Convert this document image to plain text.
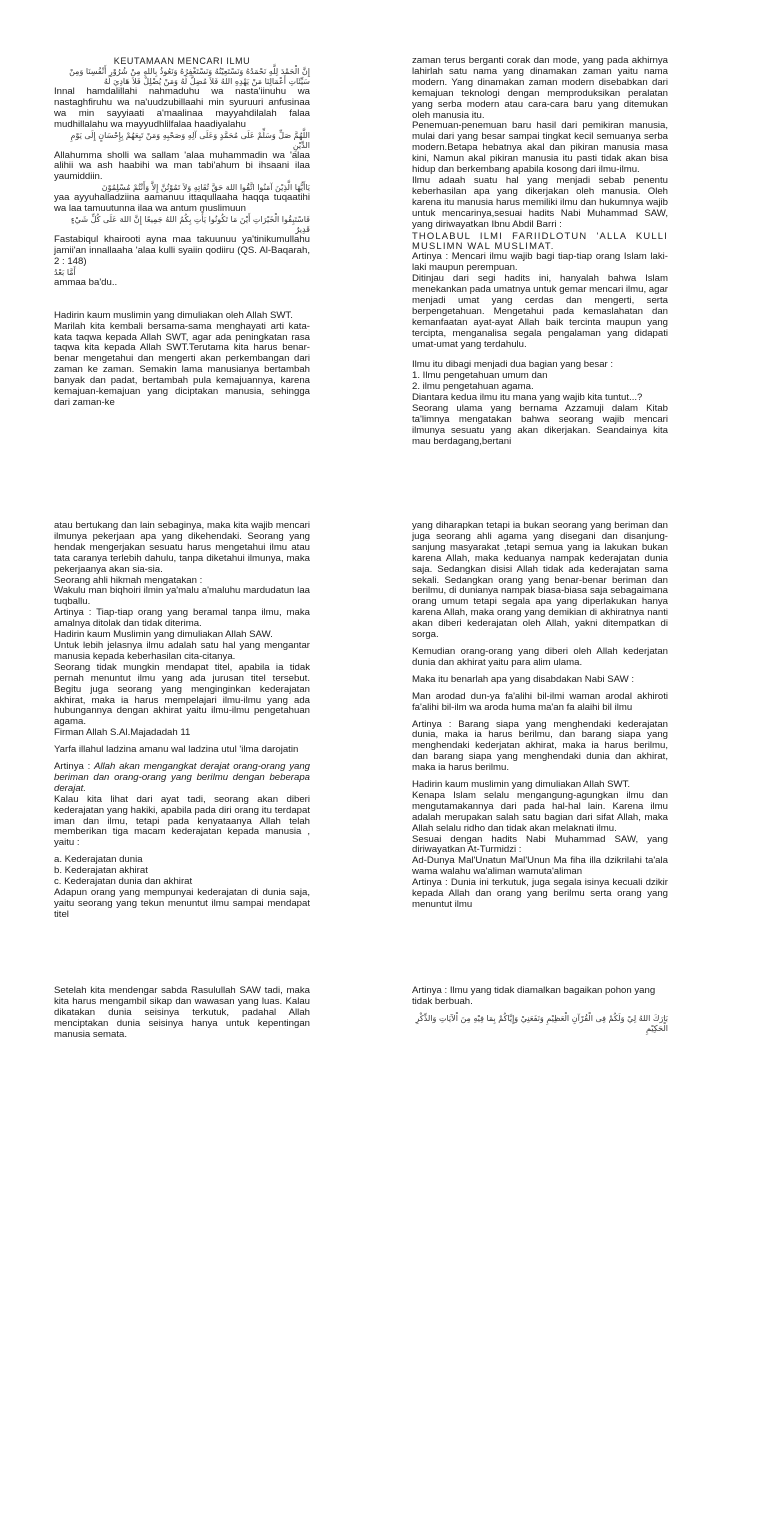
KEUTAMAAN MENCARI ILMU

إِنَّ الْحَمْدَ لِلَّهِ نَحْمَدُهُ وَنَسْتَعِيْنُهُ وَنَسْتَغْفِرُهُ وَنَعُوذُ بِاللهِ مِنْ شُرُوْرِ أَنْفُسِنَا وَمِنْ سَيِّئَاتِ أَعْمَالِنَا مَنْ يَهْدِهِ اللهُ فَلاَ مُضِلَّ لَهُ وَمَنْ يُضْلِلْ فَلاَ هَادِيَ لَهُ

Innal hamdalillahi nahmaduhu wa nasta'iinuhu wa nastaghfiruhu wa na'uudzubillaahi min syuruuri anfusinaa wa min sayyiaati a'maalinaa mayyahdilalah falaa mudhillalahu wa mayyudhlilfalaa haadiyalahu

اللَّهُمَّ صَلِّ وَسَلِّمْ عَلَى مُحَمَّدٍ وَعَلَى آلِهِ وَصَحْبِهِ وَمَنْ تَبِعَهُمْ بِإِحْسَانٍ إِلَى يَوْمِ الدِّيْنِ

Allahumma sholli wa sallam 'alaa muhammadin wa 'alaa alihii wa ash haabihi wa man tabi'ahum bi ihsaani ilaa yaumiddiin.

يَاأَيُّهَا الَّذِيْنَ آمَنُوا اتَّقُوا اللهَ حَقَّ تُقَاتِهِ وَلاَ تَمُوْتُنَّ إِلاَّ وَأَنْتُمْ مُسْلِمُوْنَ

yaa ayyuhalladziina aamanuu ittaqullaaha haqqa tuqaatihi wa laa tamuutunna ilaa wa antum muslimuun

فَاسْتَبِقُوا الْخَيْرَاتِ أَيْنَ مَا تَكُونُوا يَأْتِ بِكُمُ اللهُ جَمِيعًا إِنَّ اللهَ عَلَى كُلِّ شَيْءٍ قَدِيرٌ

Fastabiqul khairooti ayna maa takuunuu ya'tinikumullahu jamii'an innallaaha 'alaa kulli syaiin qodiiru (QS. Al-Baqarah, 2 : 148)

أَمَّا بَعْدُ

ammaa ba'du..

Hadirin kaum muslimin yang dimuliakan oleh Allah SWT.

Marilah kita kembali bersama-sama menghayati arti kata-kata taqwa kepada Allah SWT, agar ada peningkatan rasa taqwa kita kepada Allah SWT.Terutama kita harus benar-benar mengetahui dan mengerti akan perkembangan dari zaman ke zaman. Semakin lama manusianya bertambah banyak dan padat, bertambah pula kemajuannya, karena kemajuan-kemajuan yang diciptakan manusia, sehingga dari zaman-ke

zaman terus berganti corak dan mode, yang pada akhirnya lahirlah satu nama yang dinamakan zaman yaitu nama modern. Yang dinamakan zaman modern disebabkan dari kemajuan teknologi dengan memproduksikan peralatan yang serba modern atau cara-cara baru yang ditemukan oleh manusia itu.

Penemuan-penemuan baru hasil dari pemikiran manusia, mulai dari yang besar sampai tingkat kecil semuanya serba modern.Betapa hebatnya akal dan pikiran manusia masa kini, Namun akal pikiran manusia itu pasti tidak akan bisa hidup dan berkembang apabila kosong dari ilmu-ilmu.

Ilmu adaah suatu hal yang menjadi sebab penentu keberhasilan apa yang dikerjakan oleh manusia. Oleh karena itu manusia harus memiliki ilmu dan hukumnya wajib untuk mencarinya,sesuai hadits Nabi Muhammad SAW, yang diriwayatkan Ibnu Abdil Barri :

THOLABUL ILMI FARIIDLOTUN 'ALLA KULLI MUSLIMN WAL MUSLIMAT.

Artinya : Mencari ilmu wajib bagi tiap-tiap orang Islam laki-laki maupun perempuan.

Ditinjau dari segi hadits ini, hanyalah bahwa Islam menekankan pada umatnya untuk gemar mencari ilmu, agar menjadi umat yang cerdas dan mengerti, serta berpengetahuan. Mengetahui pada kemaslahatan dan kemanfaatan ayat-ayat Allah baik tercinta maupun yang tercipta, menganalisa segala pengalaman yang didapati umat-umat yang terdahulu.

Ilmu itu dibagi menjadi dua bagian yang besar :

1. Ilmu pengetahuan umum dan

2. ilmu pengetahuan agama.

Diantara kedua ilmu itu mana yang wajib kita tuntut...?

Seorang ulama yang bernama Azzamuji dalam Kitab ta'limnya mengatakan bahwa seorang wajib mencari ilmunya sesuatu yang akan dikerjakan. Seandainya kita mau berdagang,bertani

atau bertukang dan lain sebaginya, maka kita wajib mencari ilmunya pekerjaan apa yang dikehendaki. Seorang yang hendak mengerjakan sesuatu harus mengetahui ilmu atau tata caranya terlebih dahulu, tanpa diketahui ilmunya, maka pekerjaanya akan sia-sia.

Seorang ahli hikmah mengatakan :

Wakulu man biqhoiri ilmin ya'malu a'maluhu mardudatun laa tuqballu.

Artinya : Tiap-tiap orang yang beramal tanpa ilmu, maka amalnya ditolak dan tidak diterima.

Hadirin kaum Muslimin yang dimuliakan Allah SAW.

Untuk lebih jelasnya ilmu adalah satu hal yang mengantar manusia kepada keberhasilan cita-citanya.

Seorang tidak mungkin mendapat titel, apabila ia tidak pernah menuntut ilmu yang ada jurusan titel tersebut. Begitu juga seorang yang menginginkan kederajatan akhirat, maka ia harus mempelajari ilmu-ilmu yang ada hubungannya dengan akhirat yaitu ilmu-ilmu pengetahuan agama.

Firman Allah S.Al.Majadadah 11

Yarfa illahul ladzina amanu wal ladzina utul 'ilma darojatin

Artinya : Allah akan mengangkat derajat orang-orang yang beriman dan orang-orang yang berilmu dengan beberapa derajat.

Kalau kita lihat dari ayat tadi, seorang akan diberi kederajatan yang hakiki, apabila pada diri orang itu terdapat iman dan ilmu, tetapi pada kenyataanya Allah telah memberikan tiga macam kederajatan kepada manusia , yaitu :

a. Kederajatan dunia

b. Kederajatan akhirat

c. Kederajatan dunia dan akhirat

Adapun orang yang mempunyai kederajatan di dunia saja, yaitu seorang yang tekun menuntut ilmu sampai mendapat titel

yang diharapkan tetapi ia bukan seorang yang beriman dan juga seorang ahli agama yang disegani dan disanjung-sanjung masyarakat ,tetapi semua yang ia lakukan bukan karena Allah, maka keduanya nampak kederajatan dunia saja. Sedangkan disisi Allah tidak ada kederajatan sama sekali. Sedangkan orang yang benar-benar beriman dan berilmu, di dunianya nampak biasa-biasa saja sebagaimana orang umum tetapi segala apa yang diperlakukan hanya karena Allah, maka orang yang demikian di akhiratnya nanti akan diberi kederajatan oleh Allah, yakni ditempatkan di sorga.

Kemudian orang-orang yang diberi oleh Allah kederjatan dunia dan akhirat yaitu para alim ulama.

Maka itu benarlah apa yang disabdakan Nabi SAW :

Man arodad dun-ya fa'alihi bil-ilmi waman arodal akhiroti fa'alihi bil-ilm wa aroda huma ma'an fa alaihi bil ilmu

Artinya : Barang siapa yang menghendaki kederajatan dunia, maka ia harus berilmu, dan barang siapa yang menghendaki kederjatan akhirat, maka ia harus berilmu, dan barang siapa yang menghendaki dunia dan akhirat, maka ia harus berilmu.

Hadirin kaum muslimin yang dimuliakan Allah SWT.

Kenapa Islam selalu mengangung-agungkan ilmu dan mengutamakannya dari pada hal-hal lain. Karena ilmu adalah merupakan salah satu bagian dari sifat Allah, maka Allah selalu ridho dan tidak akan melaknati ilmu.

Sesuai dengan hadits Nabi Muhammad SAW, yang diriwayatkan At-Turmidzi :

Ad-Dunya Mal'Unatun Mal'Unun Ma fiha illa dzikrilahi ta'ala wama walahu wa'aliman wamuta'aliman

Artinya : Dunia ini terkutuk, juga segala isinya kecuali dzikir kepada Allah dan orang yang berilmu serta orang yang menuntut ilmu

Setelah kita mendengar sabda Rasulullah SAW tadi, maka kita harus mengambil sikap dan wawasan yang luas. Kalau dikatakan dunia seisinya terkutuk, padahal Allah menciptakan dunia seisinya hanya untuk kepentingan manusia semata.

Artinya : Ilmu yang tidak diamalkan bagaikan pohon yang tidak berbuah.

بَارَكَ اللهُ لِيْ وَلَكُمْ فِى الْقُرْآنِ الْعَظِيْمِ وَنَفَعَنِيْ وَإِيَّاكُمْ بِمَا فِيْهِ مِنَ اْلآيَاتِ وَالذِّكْرِ الْحَكِيْمِ
